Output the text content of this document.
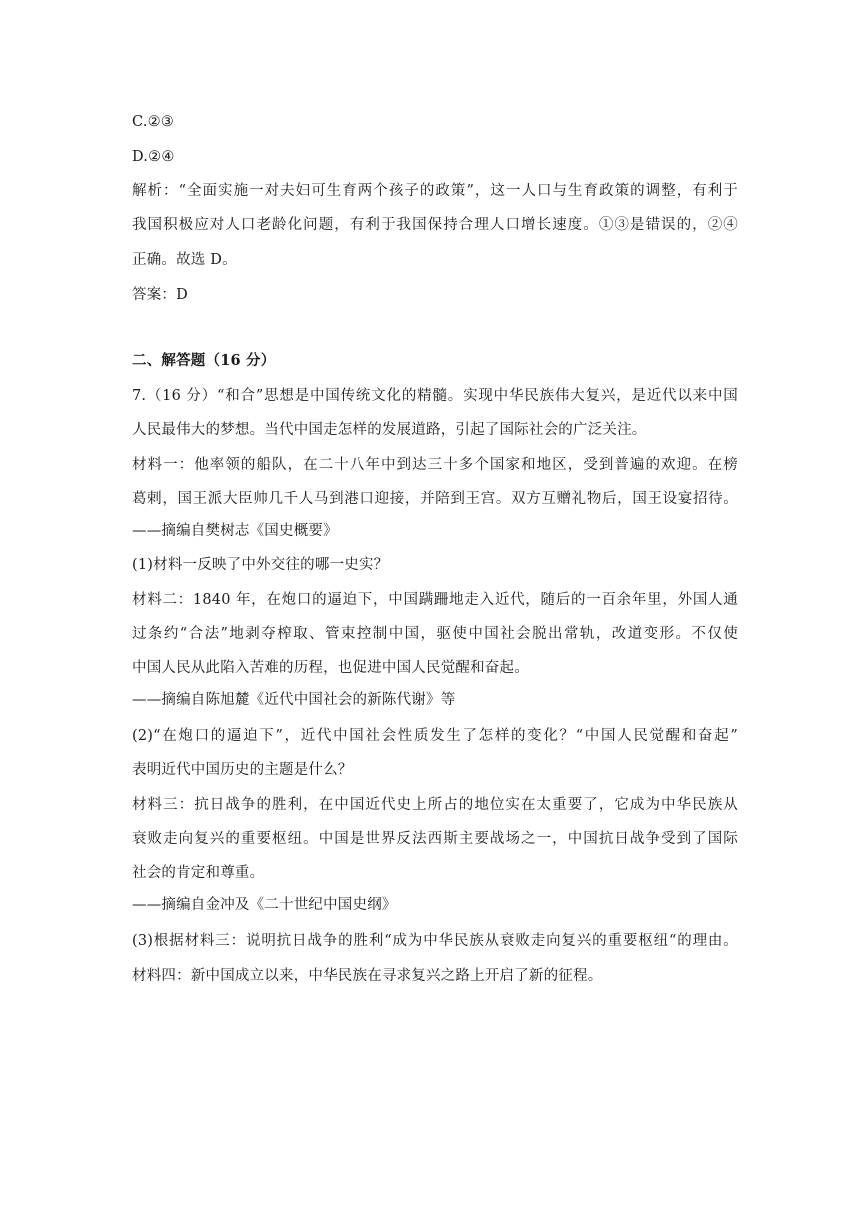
C.②③
D.②④
解析：“全面实施一对夫妇可生育两个孩子的政策”，这一人口与生育政策的调整，有利于
我国积极应对人口老龄化问题，有利于我国保持合理人口增长速度。①③是错误的，②④
正确。故选 D。
答案：D
二、解答题（16 分）
7.（16 分）“和合”思想是中国传统文化的精髓。实现中华民族伟大复兴，是近代以来中国
人民最伟大的梦想。当代中国走怎样的发展道路，引起了国际社会的广泛关注。
材料一：他率领的船队，在二十八年中到达三十多个国家和地区，受到普遍的欢迎。在榜
葛剌，国王派大臣帅几千人马到港口迎接，并陪到王宫。双方互赠礼物后，国王设宴招待。
——摘编自樊树志《国史概要》
(1)材料一反映了中外交往的哪一史实？
材料二：1840 年，在炮口的逼迫下，中国蹒跚地走入近代，随后的一百余年里，外国人通
过条约“合法”地剥夺榨取、管束控制中国，驱使中国社会脱出常轨，改道变形。不仅使
中国人民从此陷入苦难的历程，也促进中国人民觉醒和奋起。
——摘编自陈旭麓《近代中国社会的新陈代谢》等
(2)“在炮口的逼迫下”，近代中国社会性质发生了怎样的变化？“中国人民觉醒和奋起”
表明近代中国历史的主题是什么？
材料三：抗日战争的胜利，在中国近代史上所占的地位实在太重要了，它成为中华民族从
衰败走向复兴的重要枢纽。中国是世界反法西斯主要战场之一，中国抗日战争受到了国际
社会的肯定和尊重。
——摘编自金冲及《二十世纪中国史纲》
(3)根据材料三：说明抗日战争的胜利“成为中华民族从衰败走向复兴的重要枢纽“的理由。
材料四：新中国成立以来，中华民族在寻求复兴之路上开启了新的征程。
